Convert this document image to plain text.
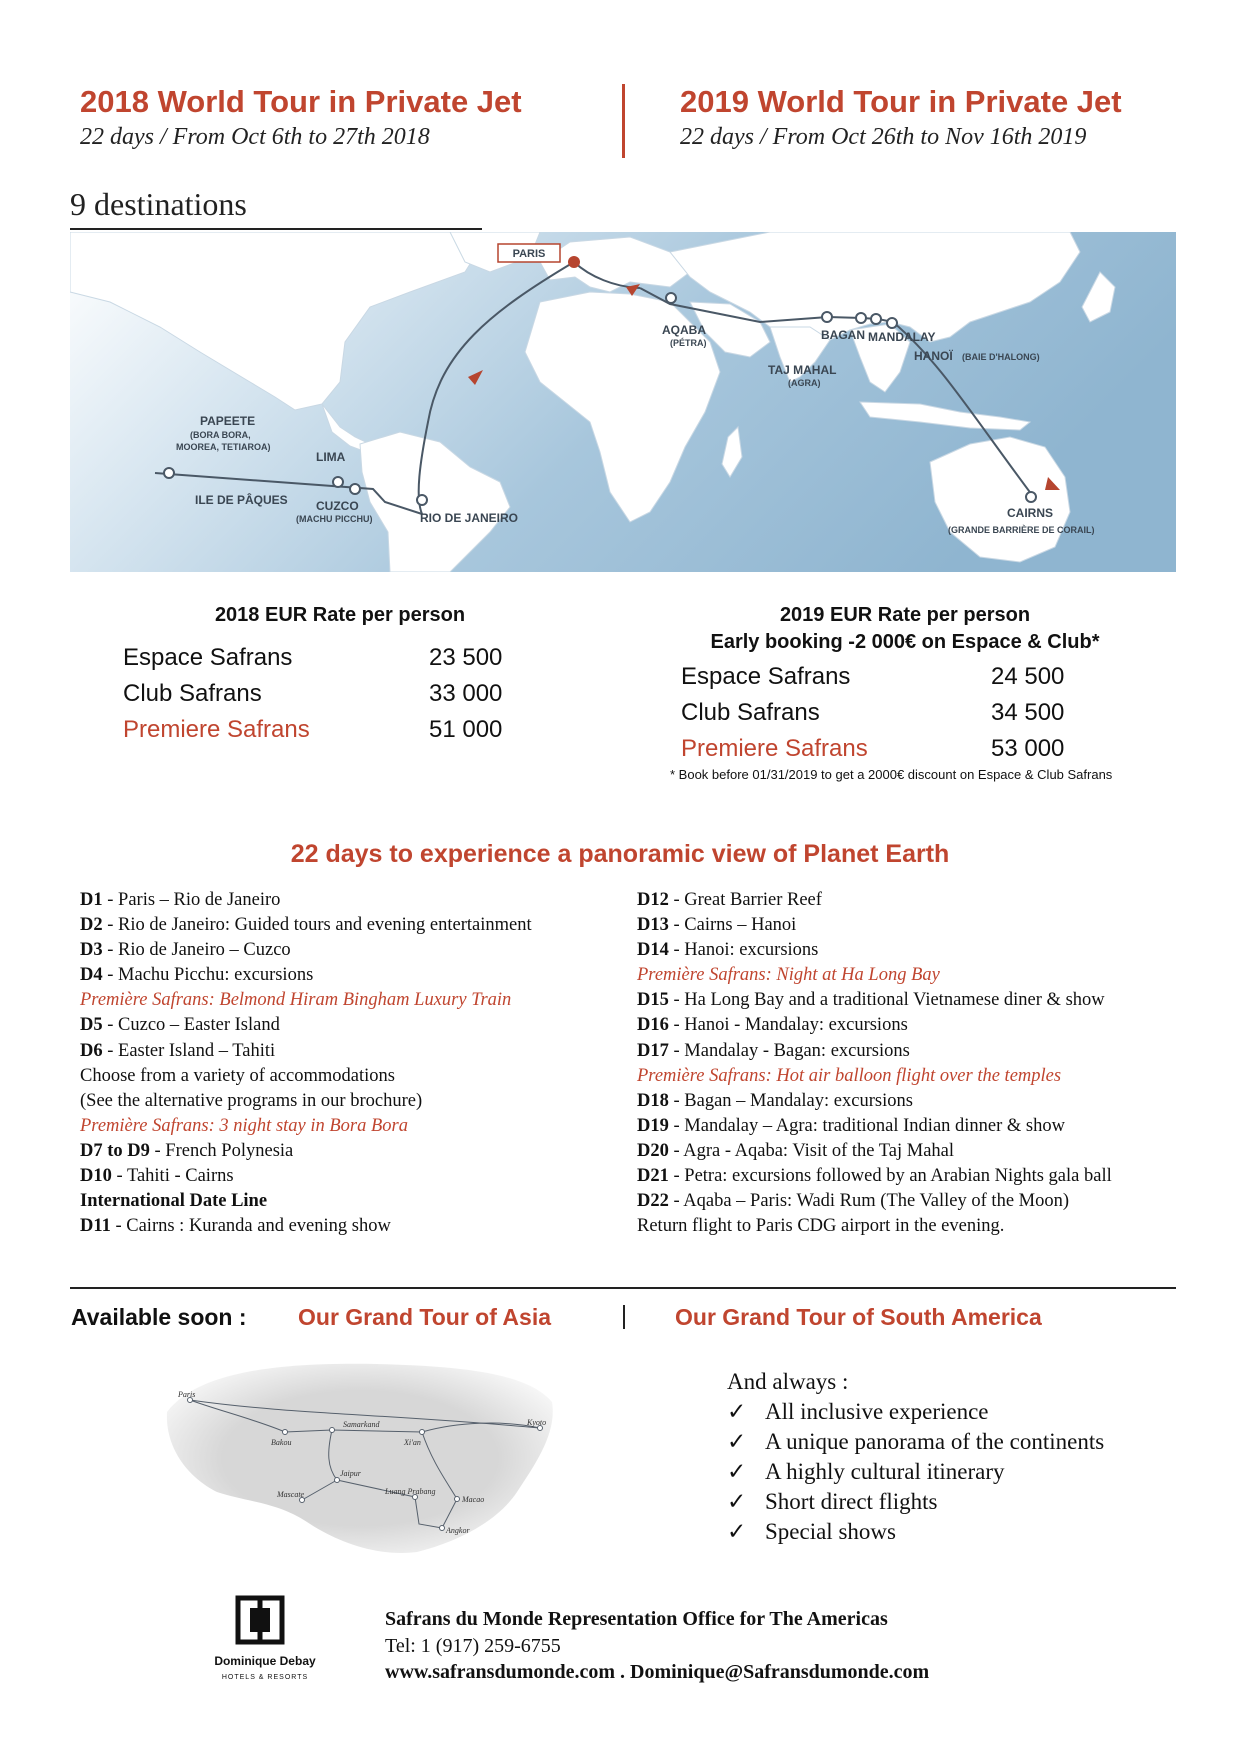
2018 World Tour in Private Jet
22 days / From Oct 6th to 27th 2018
2019 World Tour in Private Jet
22 days / From Oct 26th to Nov 16th 2019
9 destinations
PARIS
AQABA
(PÉTRA)
BAGAN MANDALAY
HANOÏ (BAIE D'HALONG)
TAJ MAHAL
(AGRA)
PAPEETE
(BORA BORA,
MOOREA, TETIAROA)
LIMA
ILE DE PÂQUES CUZCO
(MACHU PICCHU)	RIO DE JANEIRO	CAIRNS
(GRANDE BARRIÈRE DE CORAIL)
2018 EUR Rate per person
Espace Safrans	23 500
Club Safrans	33 000
Premiere Safrans	51 000
2019 EUR Rate per person
Early booking -2 000€ on Espace & Club*
Espace Safrans	24 500
Club Safrans	34 500
Premiere Safrans	53 000
* Book before 01/31/2019 to get a 2000€ discount on Espace & Club Safrans
22 days to experience a panoramic view of Planet Earth
D1 - Paris – Rio de Janeiro
D2 - Rio de Janeiro: Guided tours and evening entertainment
D3 - Rio de Janeiro – Cuzco
D4 - Machu Picchu: excursions
Première Safrans: Belmond Hiram Bingham Luxury Train
D5 - Cuzco – Easter Island
D6 - Easter Island – Tahiti
Choose from a variety of accommodations
(See the alternative programs in our brochure)
Première Safrans: 3 night stay in Bora Bora
D7 to D9 - French Polynesia
D10 - Tahiti - Cairns
International Date Line
D11 - Cairns : Kuranda and evening show
D12 - Great Barrier Reef
D13 - Cairns – Hanoi
D14 - Hanoi: excursions
Première Safrans: Night at Ha Long Bay
D15 - Ha Long Bay and a traditional Vietnamese diner & show
D16 - Hanoi - Mandalay: excursions
D17 - Mandalay - Bagan: excursions
Première Safrans: Hot air balloon flight over the temples
D18 - Bagan – Mandalay: excursions
D19 - Mandalay – Agra: traditional Indian dinner & show
D20 - Agra - Aqaba: Visit of the Taj Mahal
D21 - Petra: excursions followed by an Arabian Nights gala ball
D22 - Aqaba – Paris: Wadi Rum (The Valley of the Moon)
Return flight to Paris CDG airport in the evening.
Available soon : Our Grand Tour of Asia	Our Grand Tour of South America
Paris
Bakou
Samarkand
Xi'an
Kyoto
Mascate
Jaipur
Luang Prabang
Macao
Angkor
And always :
✓ All inclusive experience
✓ A unique panorama of the continents
✓ A highly cultural itinerary
✓ Short direct flights
✓ Special shows
Dominique Debay
HOTELS & RESORTS
Safrans du Monde Representation Office for The Americas
Tel: 1 (917) 259-6755
www.safransdumonde.com . Dominique@Safransdumonde.com
